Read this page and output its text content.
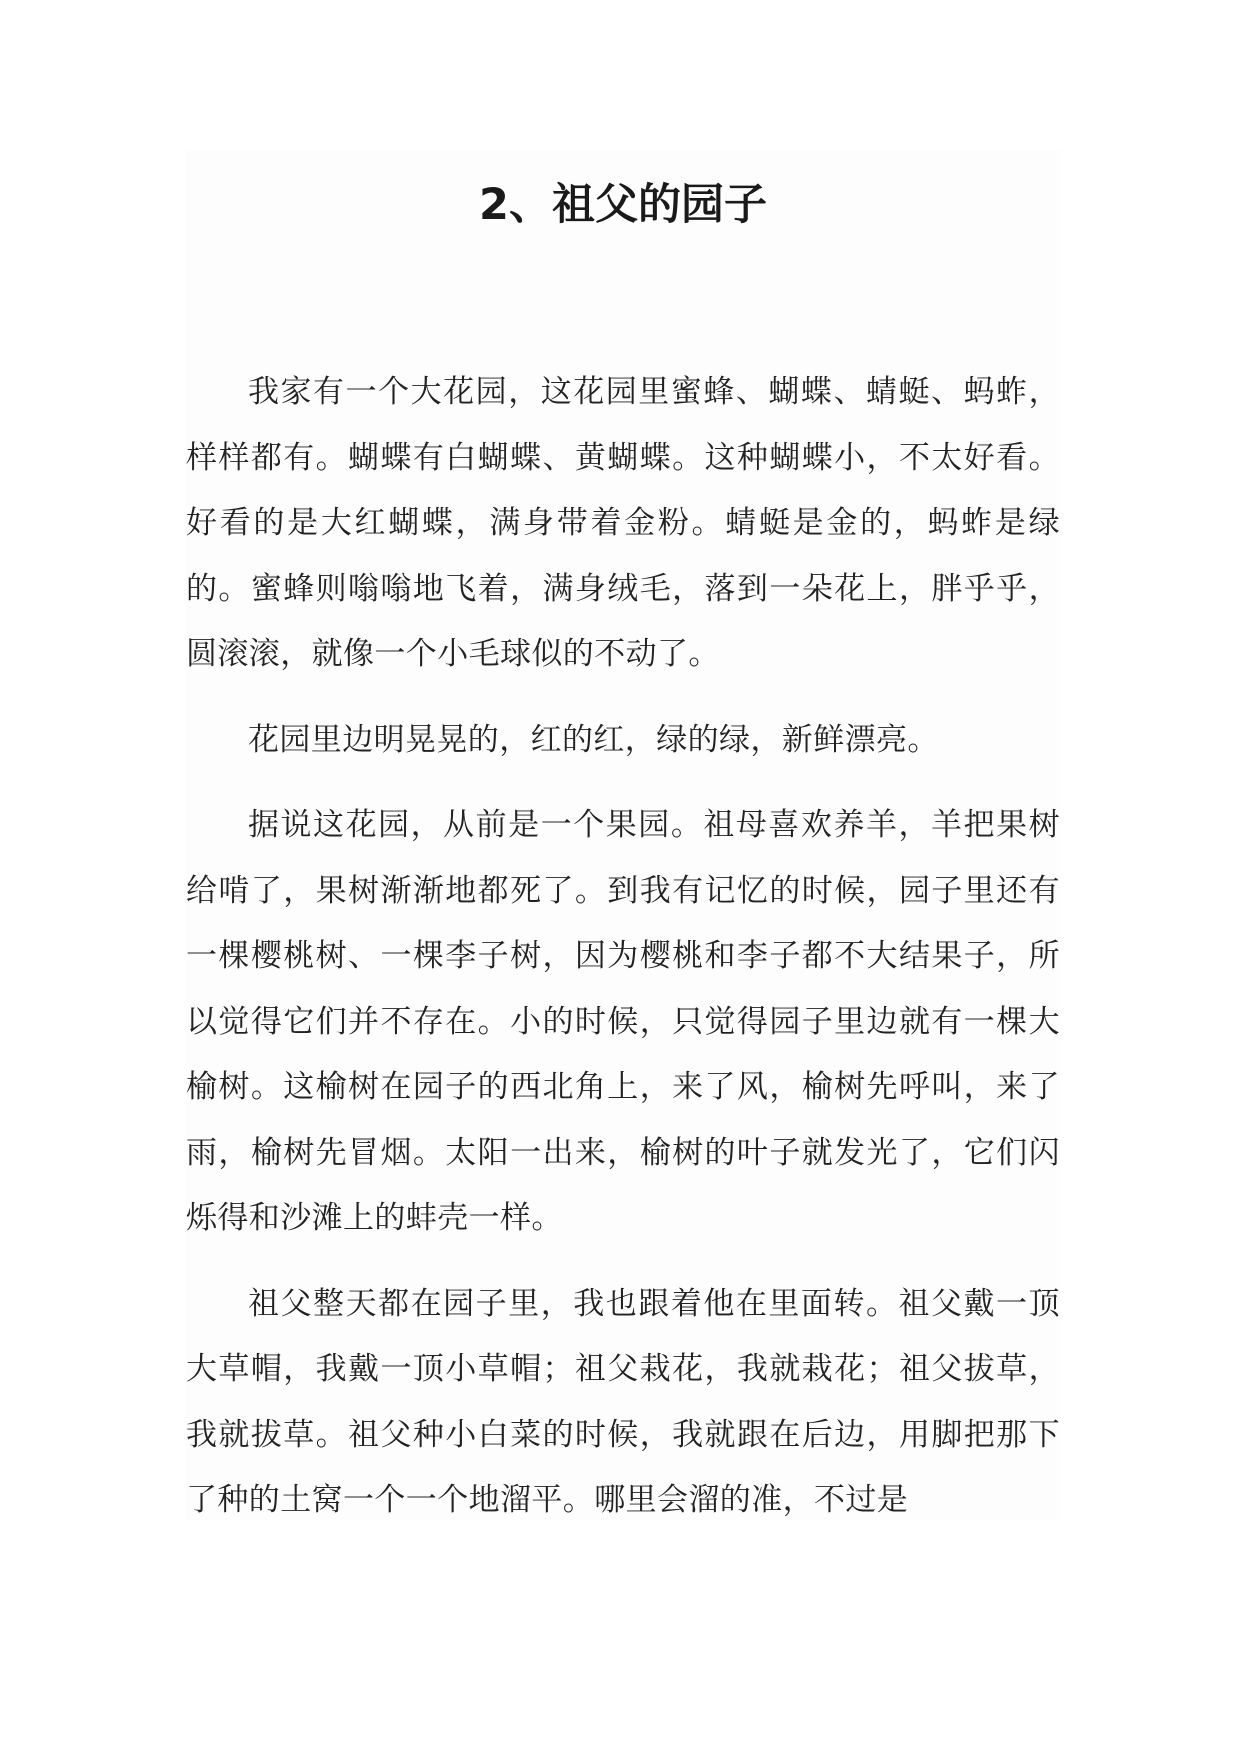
2、祖父的园子

我家有一个大花园，这花园里蜜蜂、蝴蝶、蜻蜓、蚂蚱，样样都有。蝴蝶有白蝴蝶、黄蝴蝶。这种蝴蝶小，不太好看。好看的是大红蝴蝶，满身带着金粉。蜻蜓是金的，蚂蚱是绿的。蜜蜂则嗡嗡地飞着，满身绒毛，落到一朵花上，胖乎乎，圆滚滚，就像一个小毛球似的不动了。

花园里边明晃晃的，红的红，绿的绿，新鲜漂亮。

据说这花园，从前是一个果园。祖母喜欢养羊，羊把果树给啃了，果树渐渐地都死了。到我有记忆的时候，园子里还有一棵樱桃树、一棵李子树，因为樱桃和李子都不大结果子，所以觉得它们并不存在。小的时候，只觉得园子里边就有一棵大榆树。这榆树在园子的西北角上，来了风，榆树先呼叫，来了雨，榆树先冒烟。太阳一出来，榆树的叶子就发光了，它们闪烁得和沙滩上的蚌壳一样。

祖父整天都在园子里，我也跟着他在里面转。祖父戴一顶大草帽，我戴一顶小草帽；祖父栽花，我就栽花；祖父拔草，我就拔草。祖父种小白菜的时候，我就跟在后边，用脚把那下了种的土窝一个一个地溜平。哪里会溜的准，不过是
